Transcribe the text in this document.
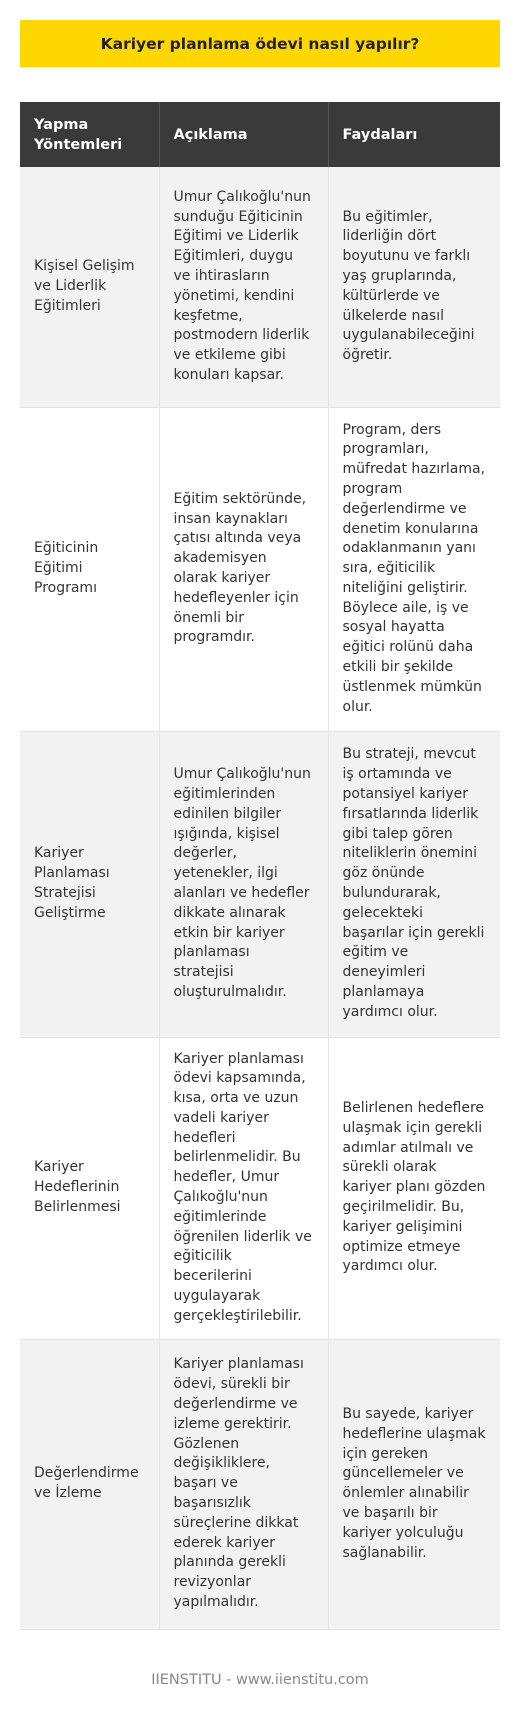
Kariyer planlama ödevi nasıl yapılır?
Yapma Yöntemleri	Açıklama	Faydaları
Kişisel Gelişim ve Liderlik Eğitimleri	Umur Çalıkoğlu'nun sunduğu Eğiticinin Eğitimi ve Liderlik Eğitimleri, duygu ve ihtirasların yönetimi, kendini keşfetme, postmodern liderlik ve etkileme gibi konuları kapsar.	Bu eğitimler, liderliğin dört boyutunu ve farklı yaş gruplarında, kültürlerde ve ülkelerde nasıl uygulanabileceğini öğretir.
Eğiticinin Eğitimi Programı	Eğitim sektöründe, insan kaynakları çatısı altında veya akademisyen olarak kariyer hedefleyenler için önemli bir programdır.	Program, ders programları, müfredat hazırlama, program değerlendirme ve denetim konularına odaklanmanın yanı sıra, eğiticilik niteliğini geliştirir. Böylece aile, iş ve sosyal hayatta eğitici rolünü daha etkili bir şekilde üstlenmek mümkün olur.
Kariyer Planlaması Stratejisi Geliştirme	Umur Çalıkoğlu'nun eğitimlerinden edinilen bilgiler ışığında, kişisel değerler, yetenekler, ilgi alanları ve hedefler dikkate alınarak etkin bir kariyer planlaması stratejisi oluşturulmalıdır.	Bu strateji, mevcut iş ortamında ve potansiyel kariyer fırsatlarında liderlik gibi talep gören niteliklerin önemini göz önünde bulundurarak, gelecekteki başarılar için gerekli eğitim ve deneyimleri planlamaya yardımcı olur.
Kariyer Hedeflerinin Belirlenmesi	Kariyer planlaması ödevi kapsamında, kısa, orta ve uzun vadeli kariyer hedefleri belirlenmelidir. Bu hedefler, Umur Çalıkoğlu'nun eğitimlerinde öğrenilen liderlik ve eğiticilik becerilerini uygulayarak gerçekleştirilebilir.	Belirlenen hedeflere ulaşmak için gerekli adımlar atılmalı ve sürekli olarak kariyer planı gözden geçirilmelidir. Bu, kariyer gelişimini optimize etmeye yardımcı olur.
Değerlendirme ve İzleme	Kariyer planlaması ödevi, sürekli bir değerlendirme ve izleme gerektirir. Gözlenen değişikliklere, başarı ve başarısızlık süreçlerine dikkat ederek kariyer planında gerekli revizyonlar yapılmalıdır.	Bu sayede, kariyer hedeflerine ulaşmak için gereken güncellemeler ve önlemler alınabilir ve başarılı bir kariyer yolculuğu sağlanabilir.
IIENSTITU - www.iienstitu.com
